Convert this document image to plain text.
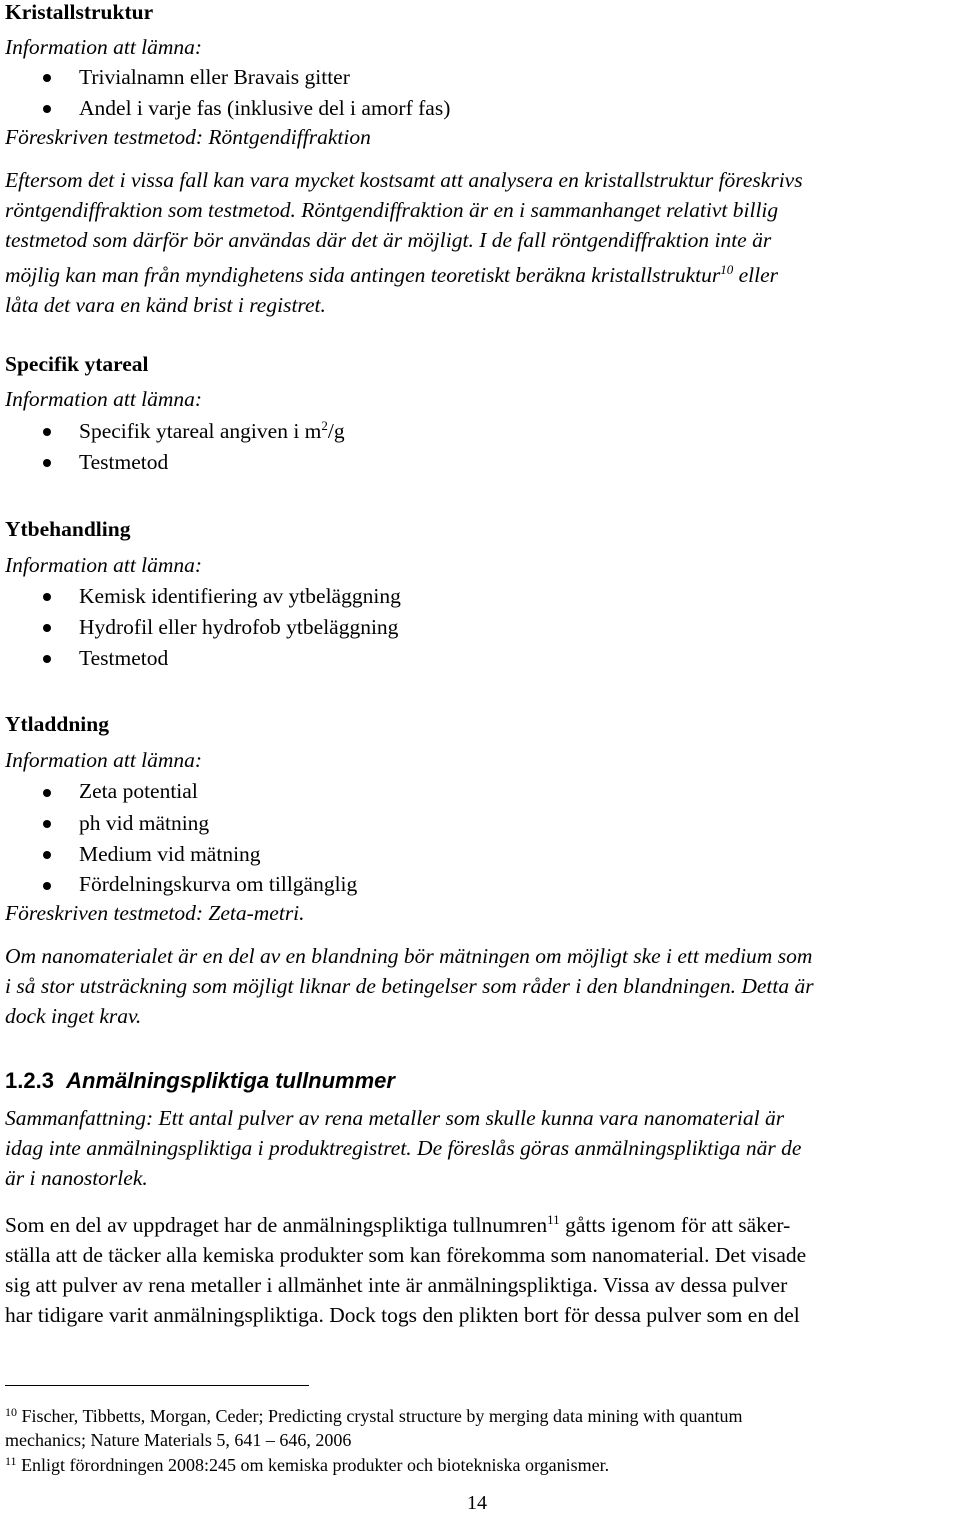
Kristallstruktur
Information att lämna:
Trivialnamn eller Bravais gitter
Andel i varje fas (inklusive del i amorf fas)
Föreskriven testmetod: Röntgendiffraktion
Eftersom det i vissa fall kan vara mycket kostsamt att analysera en kristallstruktur föreskrivs
röntgendiffraktion som testmetod. Röntgendiffraktion är en i sammanhanget relativt billig
testmetod som därför bör användas där det är möjligt. I de fall röntgendiffraktion inte är
möjlig kan man från myndighetens sida antingen teoretiskt beräkna kristallstruktur$^{10}$ eller
låta det vara en känd brist i registret.
Specifik ytareal
Information att lämna:
Specifik ytareal angiven i $m^2/g$
Testmetod
Ytbehandling
Information att lämna:
Kemisk identifiering av ytbeläggning
Hydrofil eller hydrofob ytbeläggning
Testmetod
Ytladdning
Information att lämna:
Zeta potential
ph vid mätning
Medium vid mätning
Fördelningskurva om tillgänglig
Föreskriven testmetod: Zeta-metri.
Om nanomaterialet är en del av en blandning bör mätningen om möjligt ske i ett medium som
i så stor utsträckning som möjligt liknar de betingelser som råder i den blandningen. Detta är
dock inget krav.
1.2.3 Anmälningspliktiga tullnummer
Sammanfattning: Ett antal pulver av rena metaller som skulle kunna vara nanomaterial är
idag inte anmälningspliktiga i produktregistret. De föreslås göras anmälningspliktiga när de
är i nanostorlek.
Som en del av uppdraget har de anmälningspliktiga tullnumren$^{11}$ gåtts igenom för att säker-
ställa att de täcker alla kemiska produkter som kan förekomma som nanomaterial. Det visade
sig att pulver av rena metaller i allmänhet inte är anmälningspliktiga. Vissa av dessa pulver
har tidigare varit anmälningspliktiga. Dock togs den plikten bort för dessa pulver som en del
$^{10}$ Fischer, Tibbetts, Morgan, Ceder; Predicting crystal structure by merging data mining with quantum
mechanics; Nature Materials 5, 641 – 646, 2006
$^{11}$ Enligt förordningen 2008:245 om kemiska produkter och biotekniska organismer.
14
